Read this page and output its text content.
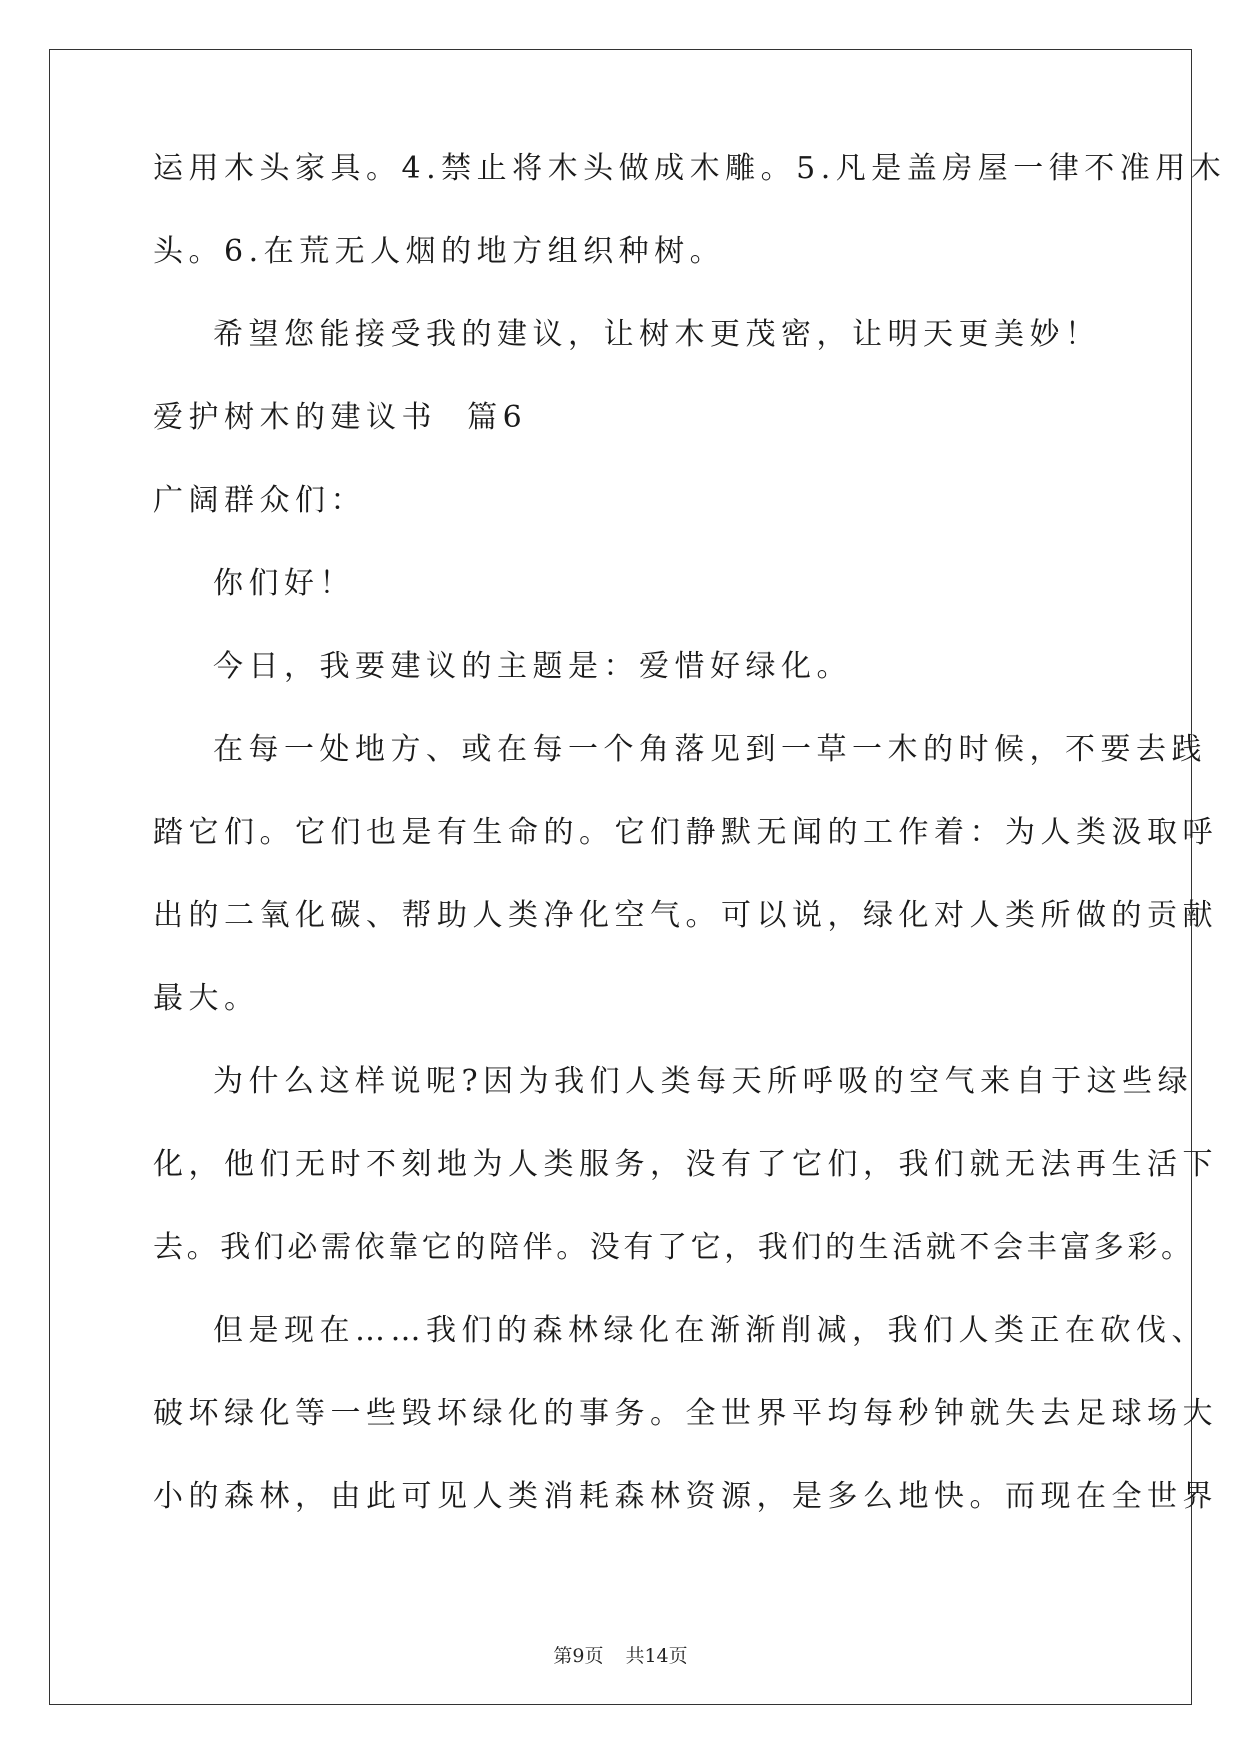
运用木头家具。4.禁止将木头做成木雕。5.凡是盖房屋一律不准用木
头。6.在荒无人烟的地方组织种树。
希望您能接受我的建议，让树木更茂密，让明天更美妙！
爱护树木的建议书  篇6
广阔群众们：
你们好！
今日，我要建议的主题是：爱惜好绿化。
在每一处地方、或在每一个角落见到一草一木的时候，不要去践
踏它们。它们也是有生命的。它们静默无闻的工作着：为人类汲取呼
出的二氧化碳、帮助人类净化空气。可以说，绿化对人类所做的贡献
最大。
为什么这样说呢?因为我们人类每天所呼吸的空气来自于这些绿
化，他们无时不刻地为人类服务，没有了它们，我们就无法再生活下
去。我们必需依靠它的陪伴。没有了它，我们的生活就不会丰富多彩。
但是现在……我们的森林绿化在渐渐削减，我们人类正在砍伐、
破坏绿化等一些毁坏绿化的事务。全世界平均每秒钟就失去足球场大
小的森林，由此可见人类消耗森林资源，是多么地快。而现在全世界
第9页 共14页
